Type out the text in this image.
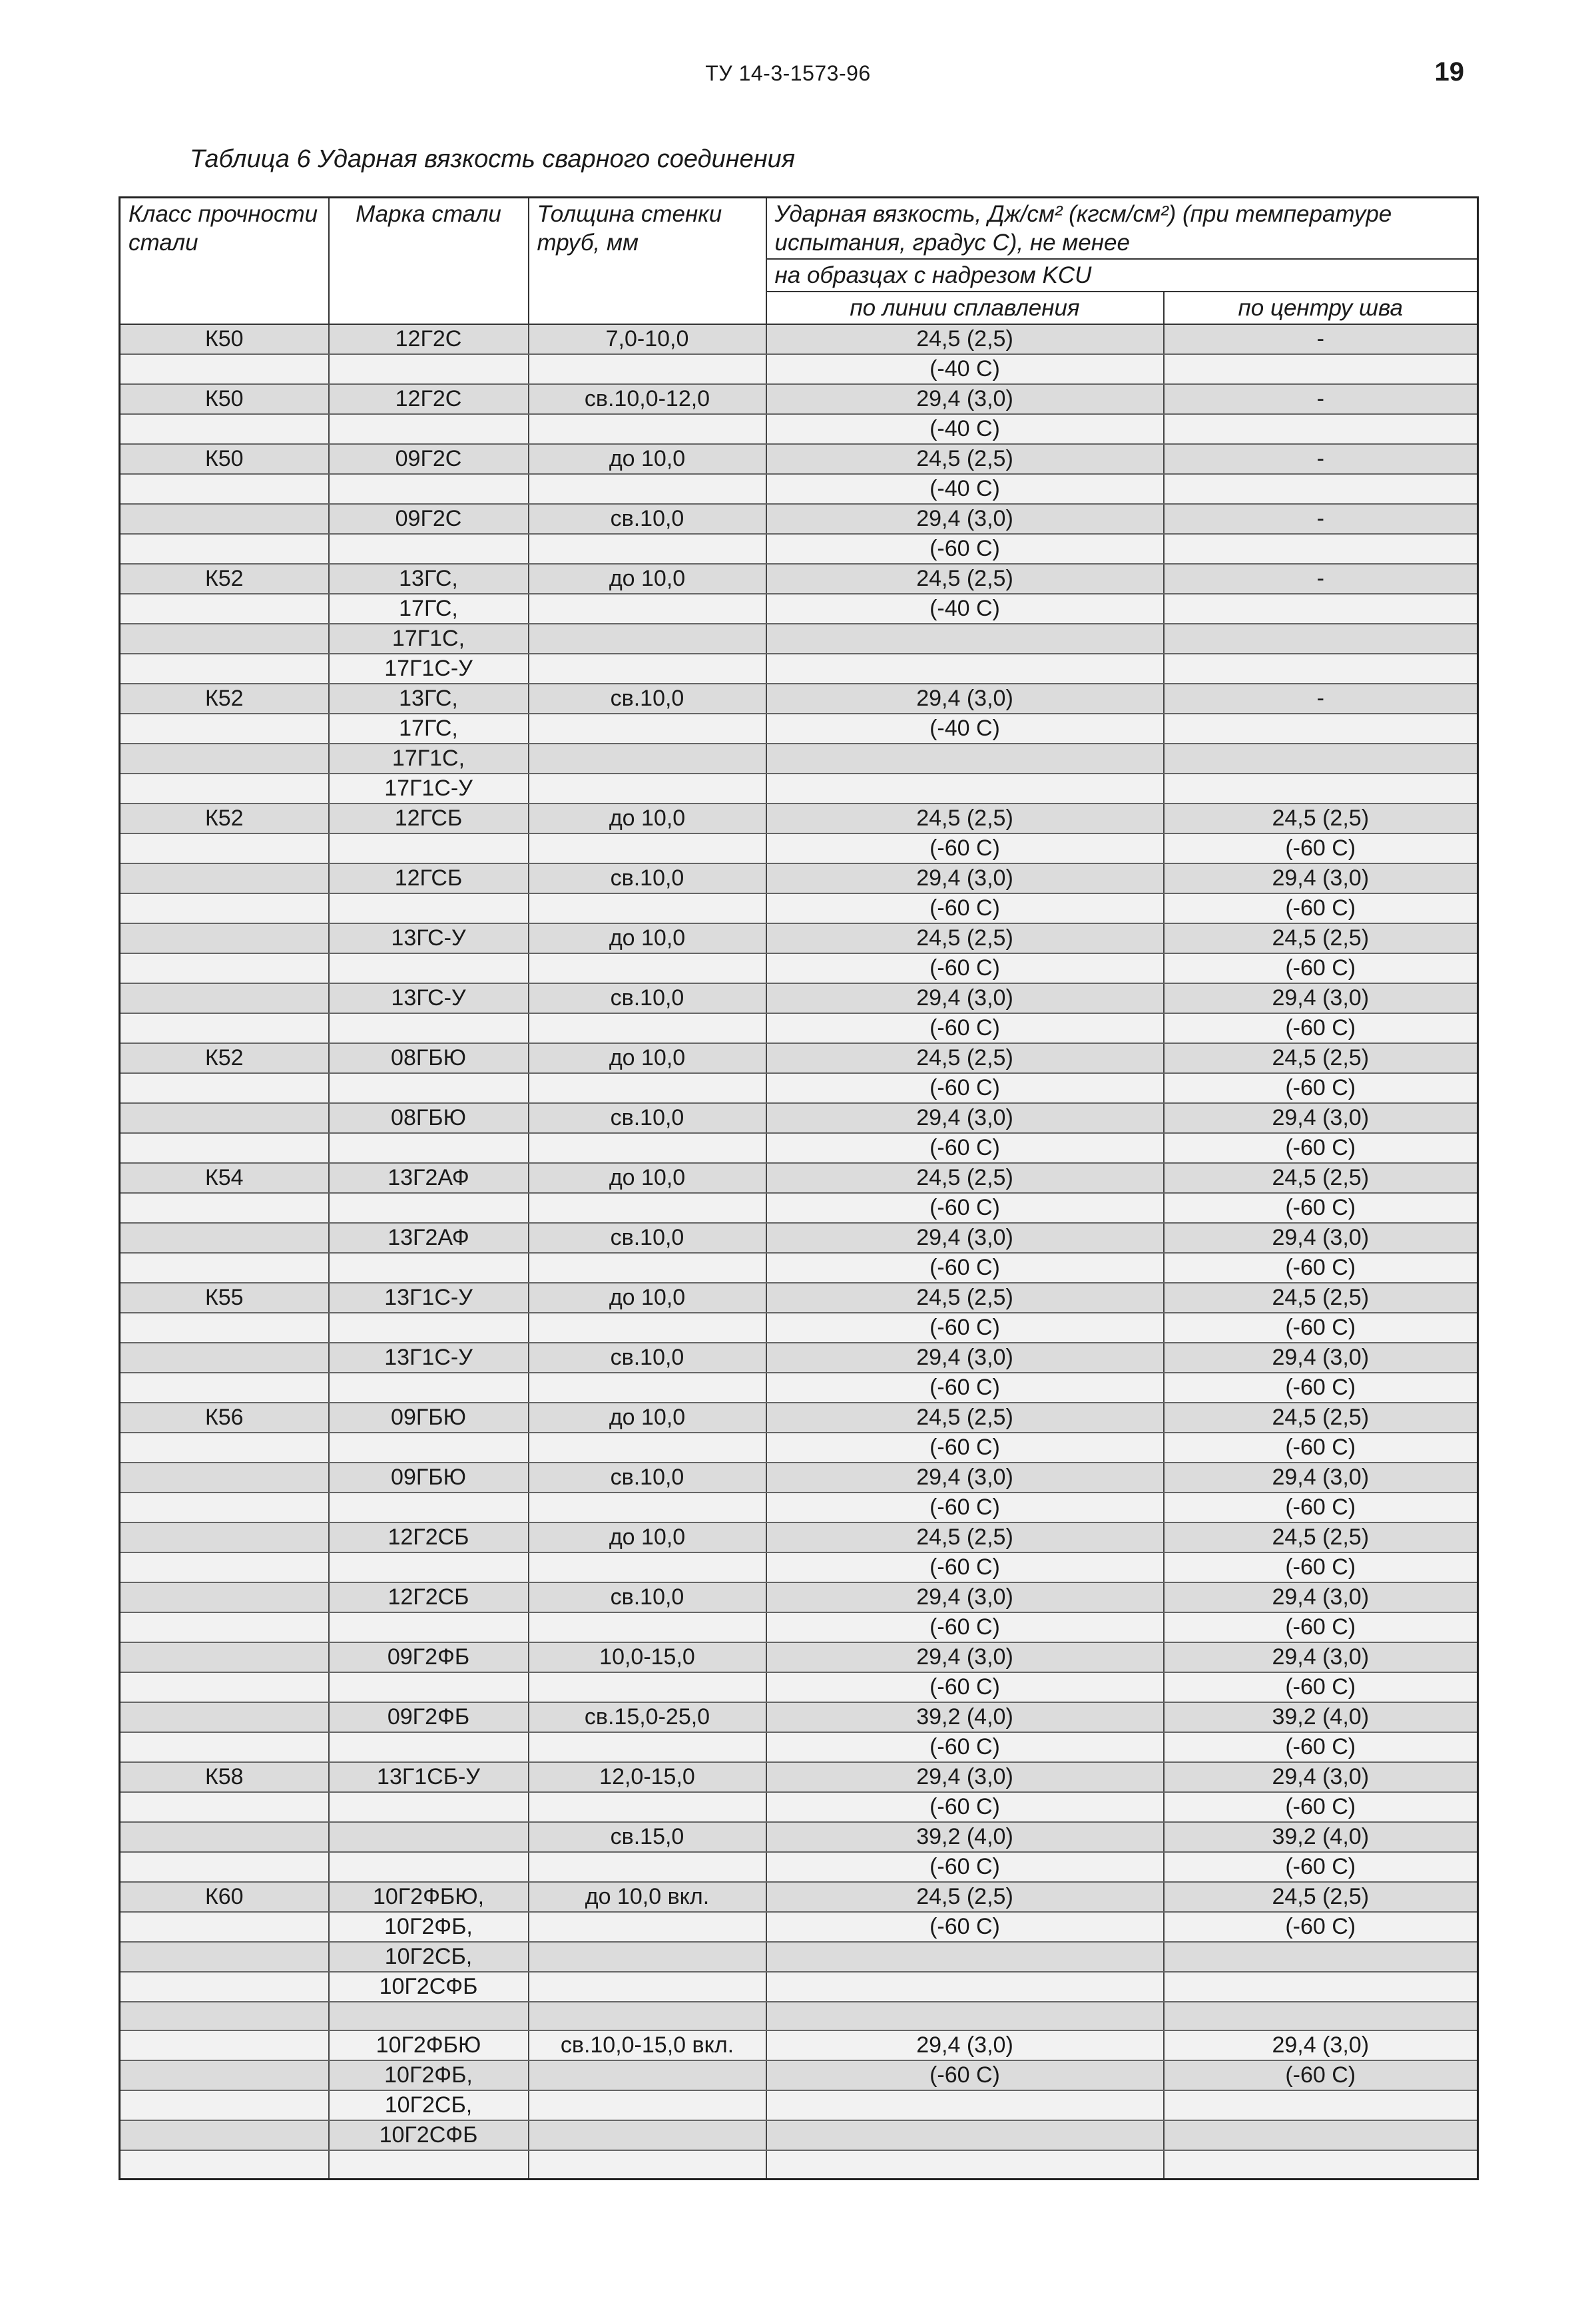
ТУ 14-3-1573-96	19
Таблица 6 Ударная вязкость сварного соединения
Класс прочности стали	Марка стали	Толщина стенки труб, мм	Ударная вязкость, Дж/см² (кгсм/см²) (при температуре испытания, градус С), не менее	
			на образцах с надрезом KCU	
			по линии сплавления	по центру шва
К50	12Г2С	7,0-10,0	24,5 (2,5)	-
			(-40 С)	
К50	12Г2С	св.10,0-12,0	29,4 (3,0)	-
			(-40 С)	
К50	09Г2С	до 10,0	24,5 (2,5)	-
			(-40 С)	
	09Г2С	св.10,0	29,4 (3,0)	-
			(-60 С)	
К52	13ГС,	до 10,0	24,5 (2,5)	-
	17ГС,		(-40 С)	
	17Г1С,			
	17Г1С-У			
К52	13ГС,	св.10,0	29,4 (3,0)	-
	17ГС,		(-40 С)	
	17Г1С,			
	17Г1С-У			
К52	12ГСБ	до 10,0	24,5 (2,5)	24,5 (2,5)
			(-60 С)	(-60 С)
	12ГСБ	св.10,0	29,4 (3,0)	29,4 (3,0)
			(-60 С)	(-60 С)
	13ГС-У	до 10,0	24,5 (2,5)	24,5 (2,5)
			(-60 С)	(-60 С)
	13ГС-У	св.10,0	29,4 (3,0)	29,4 (3,0)
			(-60 С)	(-60 С)
К52	08ГБЮ	до 10,0	24,5 (2,5)	24,5 (2,5)
			(-60 С)	(-60 С)
	08ГБЮ	св.10,0	29,4 (3,0)	29,4 (3,0)
			(-60 С)	(-60 С)
К54	13Г2АФ	до 10,0	24,5 (2,5)	24,5 (2,5)
			(-60 С)	(-60 С)
	13Г2АФ	св.10,0	29,4 (3,0)	29,4 (3,0)
			(-60 С)	(-60 С)
К55	13Г1С-У	до 10,0	24,5 (2,5)	24,5 (2,5)
			(-60 С)	(-60 С)
	13Г1С-У	св.10,0	29,4 (3,0)	29,4 (3,0)
			(-60 С)	(-60 С)
К56	09ГБЮ	до 10,0	24,5 (2,5)	24,5 (2,5)
			(-60 С)	(-60 С)
	09ГБЮ	св.10,0	29,4 (3,0)	29,4 (3,0)
			(-60 С)	(-60 С)
	12Г2СБ	до 10,0	24,5 (2,5)	24,5 (2,5)
			(-60 С)	(-60 С)
	12Г2СБ	св.10,0	29,4 (3,0)	29,4 (3,0)
			(-60 С)	(-60 С)
	09Г2ФБ	10,0-15,0	29,4 (3,0)	29,4 (3,0)
			(-60 С)	(-60 С)
	09Г2ФБ	св.15,0-25,0	39,2 (4,0)	39,2 (4,0)
			(-60 С)	(-60 С)
К58	13Г1СБ-У	12,0-15,0	29,4 (3,0)	29,4 (3,0)
			(-60 С)	(-60 С)
		св.15,0	39,2 (4,0)	39,2 (4,0)
			(-60 С)	(-60 С)
К60	10Г2ФБЮ,	до 10,0 вкл.	24,5 (2,5)	24,5 (2,5)
	10Г2ФБ,		(-60 С)	(-60 С)
	10Г2СБ,			
	10Г2СФБ			

	10Г2ФБЮ	св.10,0-15,0 вкл.	29,4 (3,0)	29,4 (3,0)
	10Г2ФБ,		(-60 С)	(-60 С)
	10Г2СБ,			
	10Г2СФБ			
